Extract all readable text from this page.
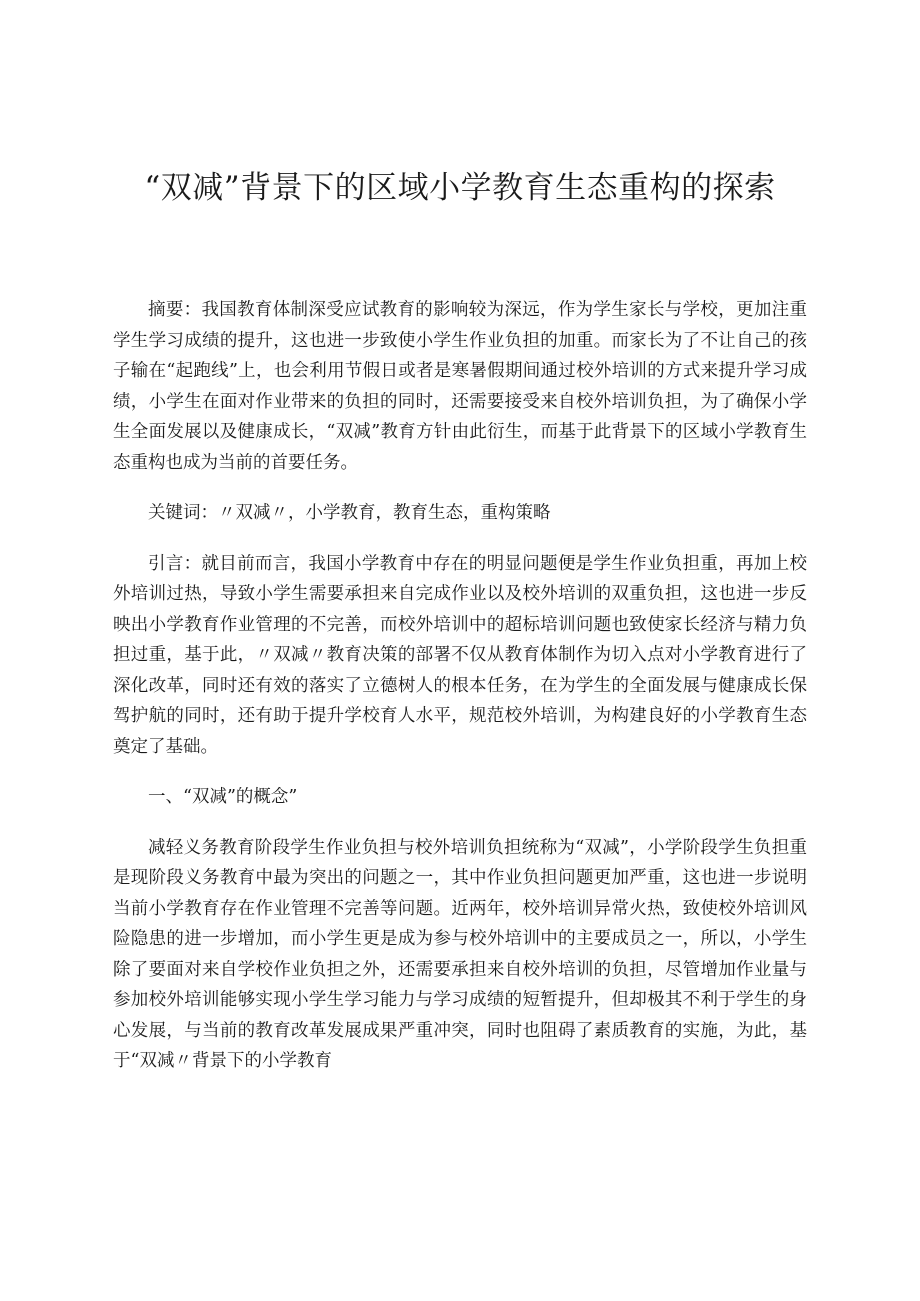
“双减”背景下的区域小学教育生态重构的探索

摘要：我国教育体制深受应试教育的影响较为深远，作为学生家长与学校，更加注重学生学习成绩的提升，这也进一步致使小学生作业负担的加重。而家长为了不让自己的孩子输在“起跑线”上，也会利用节假日或者是寒暑假期间通过校外培训的方式来提升学习成绩，小学生在面对作业带来的负担的同时，还需要接受来自校外培训负担，为了确保小学生全面发展以及健康成长，“双减”教育方针由此衍生，而基于此背景下的区域小学教育生态重构也成为当前的首要任务。

关键词：〃双减〃，小学教育，教育生态，重构策略

引言：就目前而言，我国小学教育中存在的明显问题便是学生作业负担重，再加上校外培训过热，导致小学生需要承担来自完成作业以及校外培训的双重负担，这也进一步反映出小学教育作业管理的不完善，而校外培训中的超标培训问题也致使家长经济与精力负担过重，基于此，〃双减〃教育决策的部署不仅从教育体制作为切入点对小学教育进行了深化改革，同时还有效的落实了立德树人的根本任务，在为学生的全面发展与健康成长保驾护航的同时，还有助于提升学校育人水平，规范校外培训，为构建良好的小学教育生态奠定了基础。

一、“双减”的概念”

减轻义务教育阶段学生作业负担与校外培训负担统称为“双减”，小学阶段学生负担重是现阶段义务教育中最为突出的问题之一，其中作业负担问题更加严重，这也进一步说明当前小学教育存在作业管理不完善等问题。近两年，校外培训异常火热，致使校外培训风险隐患的进一步增加，而小学生更是成为参与校外培训中的主要成员之一，所以，小学生除了要面对来自学校作业负担之外，还需要承担来自校外培训的负担，尽管增加作业量与参加校外培训能够实现小学生学习能力与学习成绩的短暂提升，但却极其不利于学生的身心发展，与当前的教育改革发展成果严重冲突，同时也阻碍了素质教育的实施，为此，基于“双减〃背景下的小学教育
